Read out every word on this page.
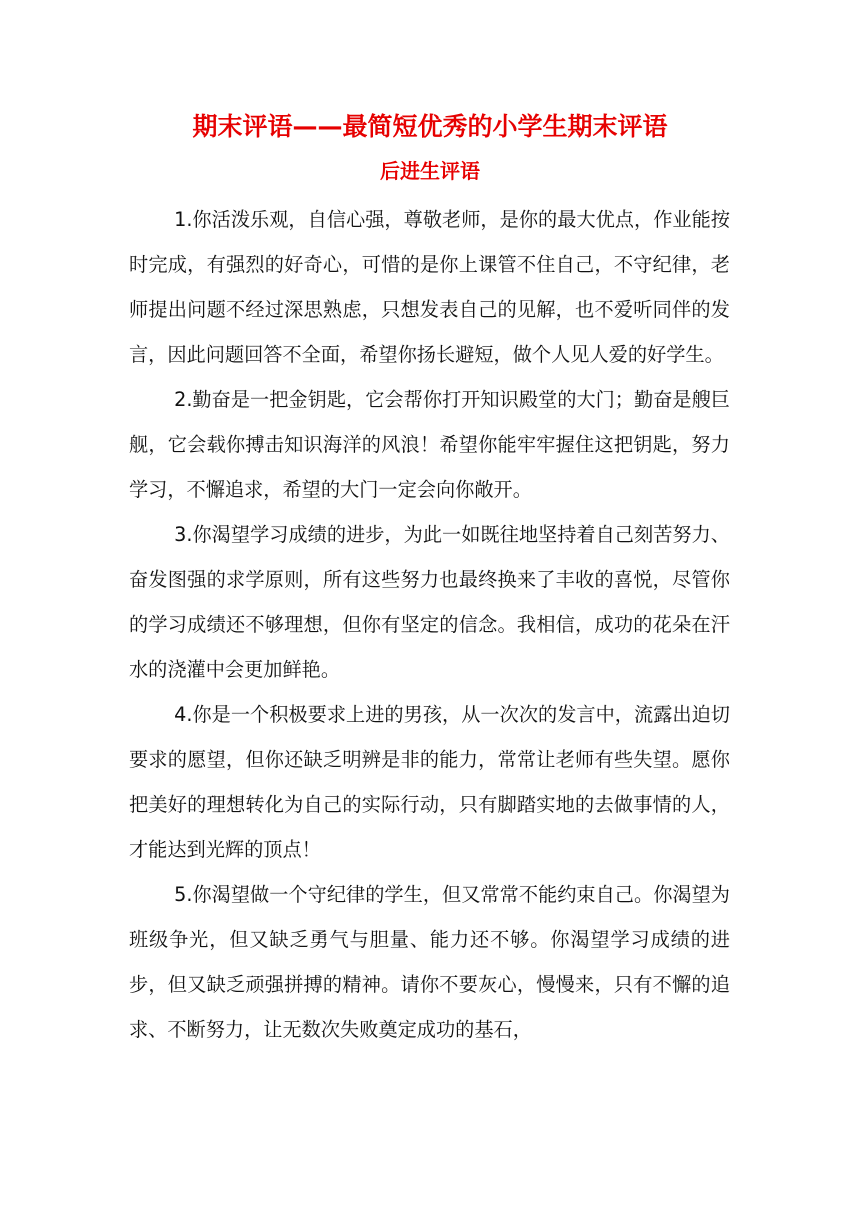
期末评语——最简短优秀的小学生期末评语
后进生评语

1.你活泼乐观，自信心强，尊敬老师，是你的最大优点，作业能按时完成，有强烈的好奇心，可惜的是你上课管不住自己，不守纪律，老师提出问题不经过深思熟虑，只想发表自己的见解，也不爱听同伴的发言，因此问题回答不全面，希望你扬长避短，做个人见人爱的好学生。

2.勤奋是一把金钥匙，它会帮你打开知识殿堂的大门；勤奋是艘巨舰，它会载你搏击知识海洋的风浪！希望你能牢牢握住这把钥匙，努力学习，不懈追求，希望的大门一定会向你敞开。

3.你渴望学习成绩的进步，为此一如既往地坚持着自己刻苦努力、奋发图强的求学原则，所有这些努力也最终换来了丰收的喜悦，尽管你的学习成绩还不够理想，但你有坚定的信念。我相信，成功的花朵在汗水的浇灌中会更加鲜艳。

4.你是一个积极要求上进的男孩，从一次次的发言中，流露出迫切要求的愿望，但你还缺乏明辨是非的能力，常常让老师有些失望。愿你把美好的理想转化为自己的实际行动，只有脚踏实地的去做事情的人，才能达到光辉的顶点！

5.你渴望做一个守纪律的学生，但又常常不能约束自己。你渴望为班级争光，但又缺乏勇气与胆量、能力还不够。你渴望学习成绩的进步，但又缺乏顽强拼搏的精神。请你不要灰心，慢慢来，只有不懈的追求、不断努力，让无数次失败奠定成功的基石，
